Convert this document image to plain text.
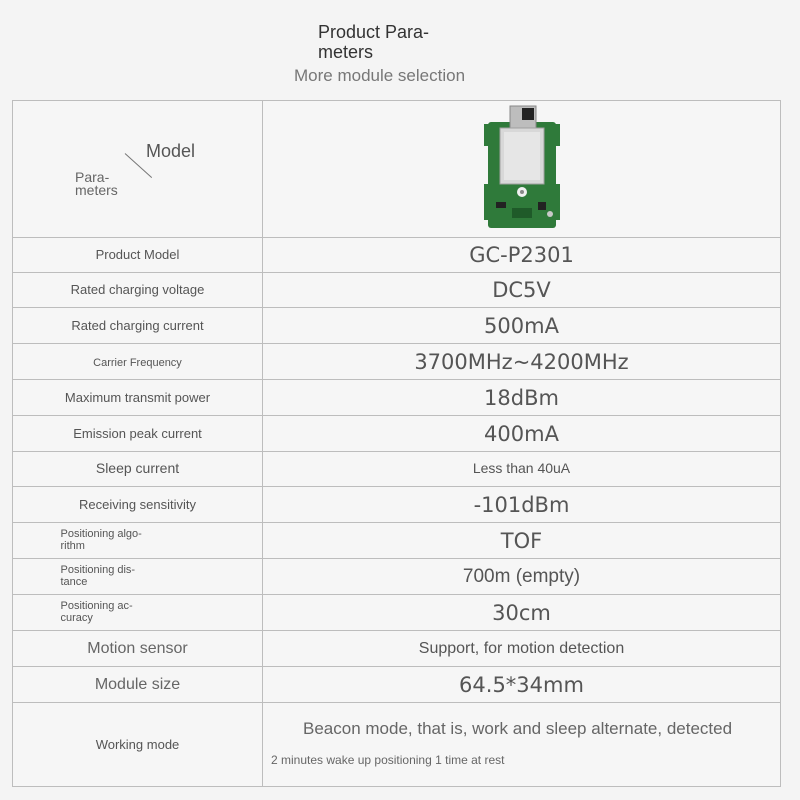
Product Para-
meters
More module selection
Model
Para-
meters

Product Model	GC-P2301
Rated charging voltage	DC5V
Rated charging current	500mA
Carrier Frequency	3700MHz~4200MHz
Maximum transmit power	18dBm
Emission peak current	400mA
Sleep current	Less than 40uA
Receiving sensitivity	-101dBm
Positioning algo-
rithm	TOF
Positioning dis-
tance	700m (empty)
Positioning ac-
curacy	30cm
Motion sensor	Support, for motion detection
Module size	64.5*34mm
Working mode	Beacon mode, that is, work and sleep alternate, detected
2 minutes wake up positioning 1 time at rest
